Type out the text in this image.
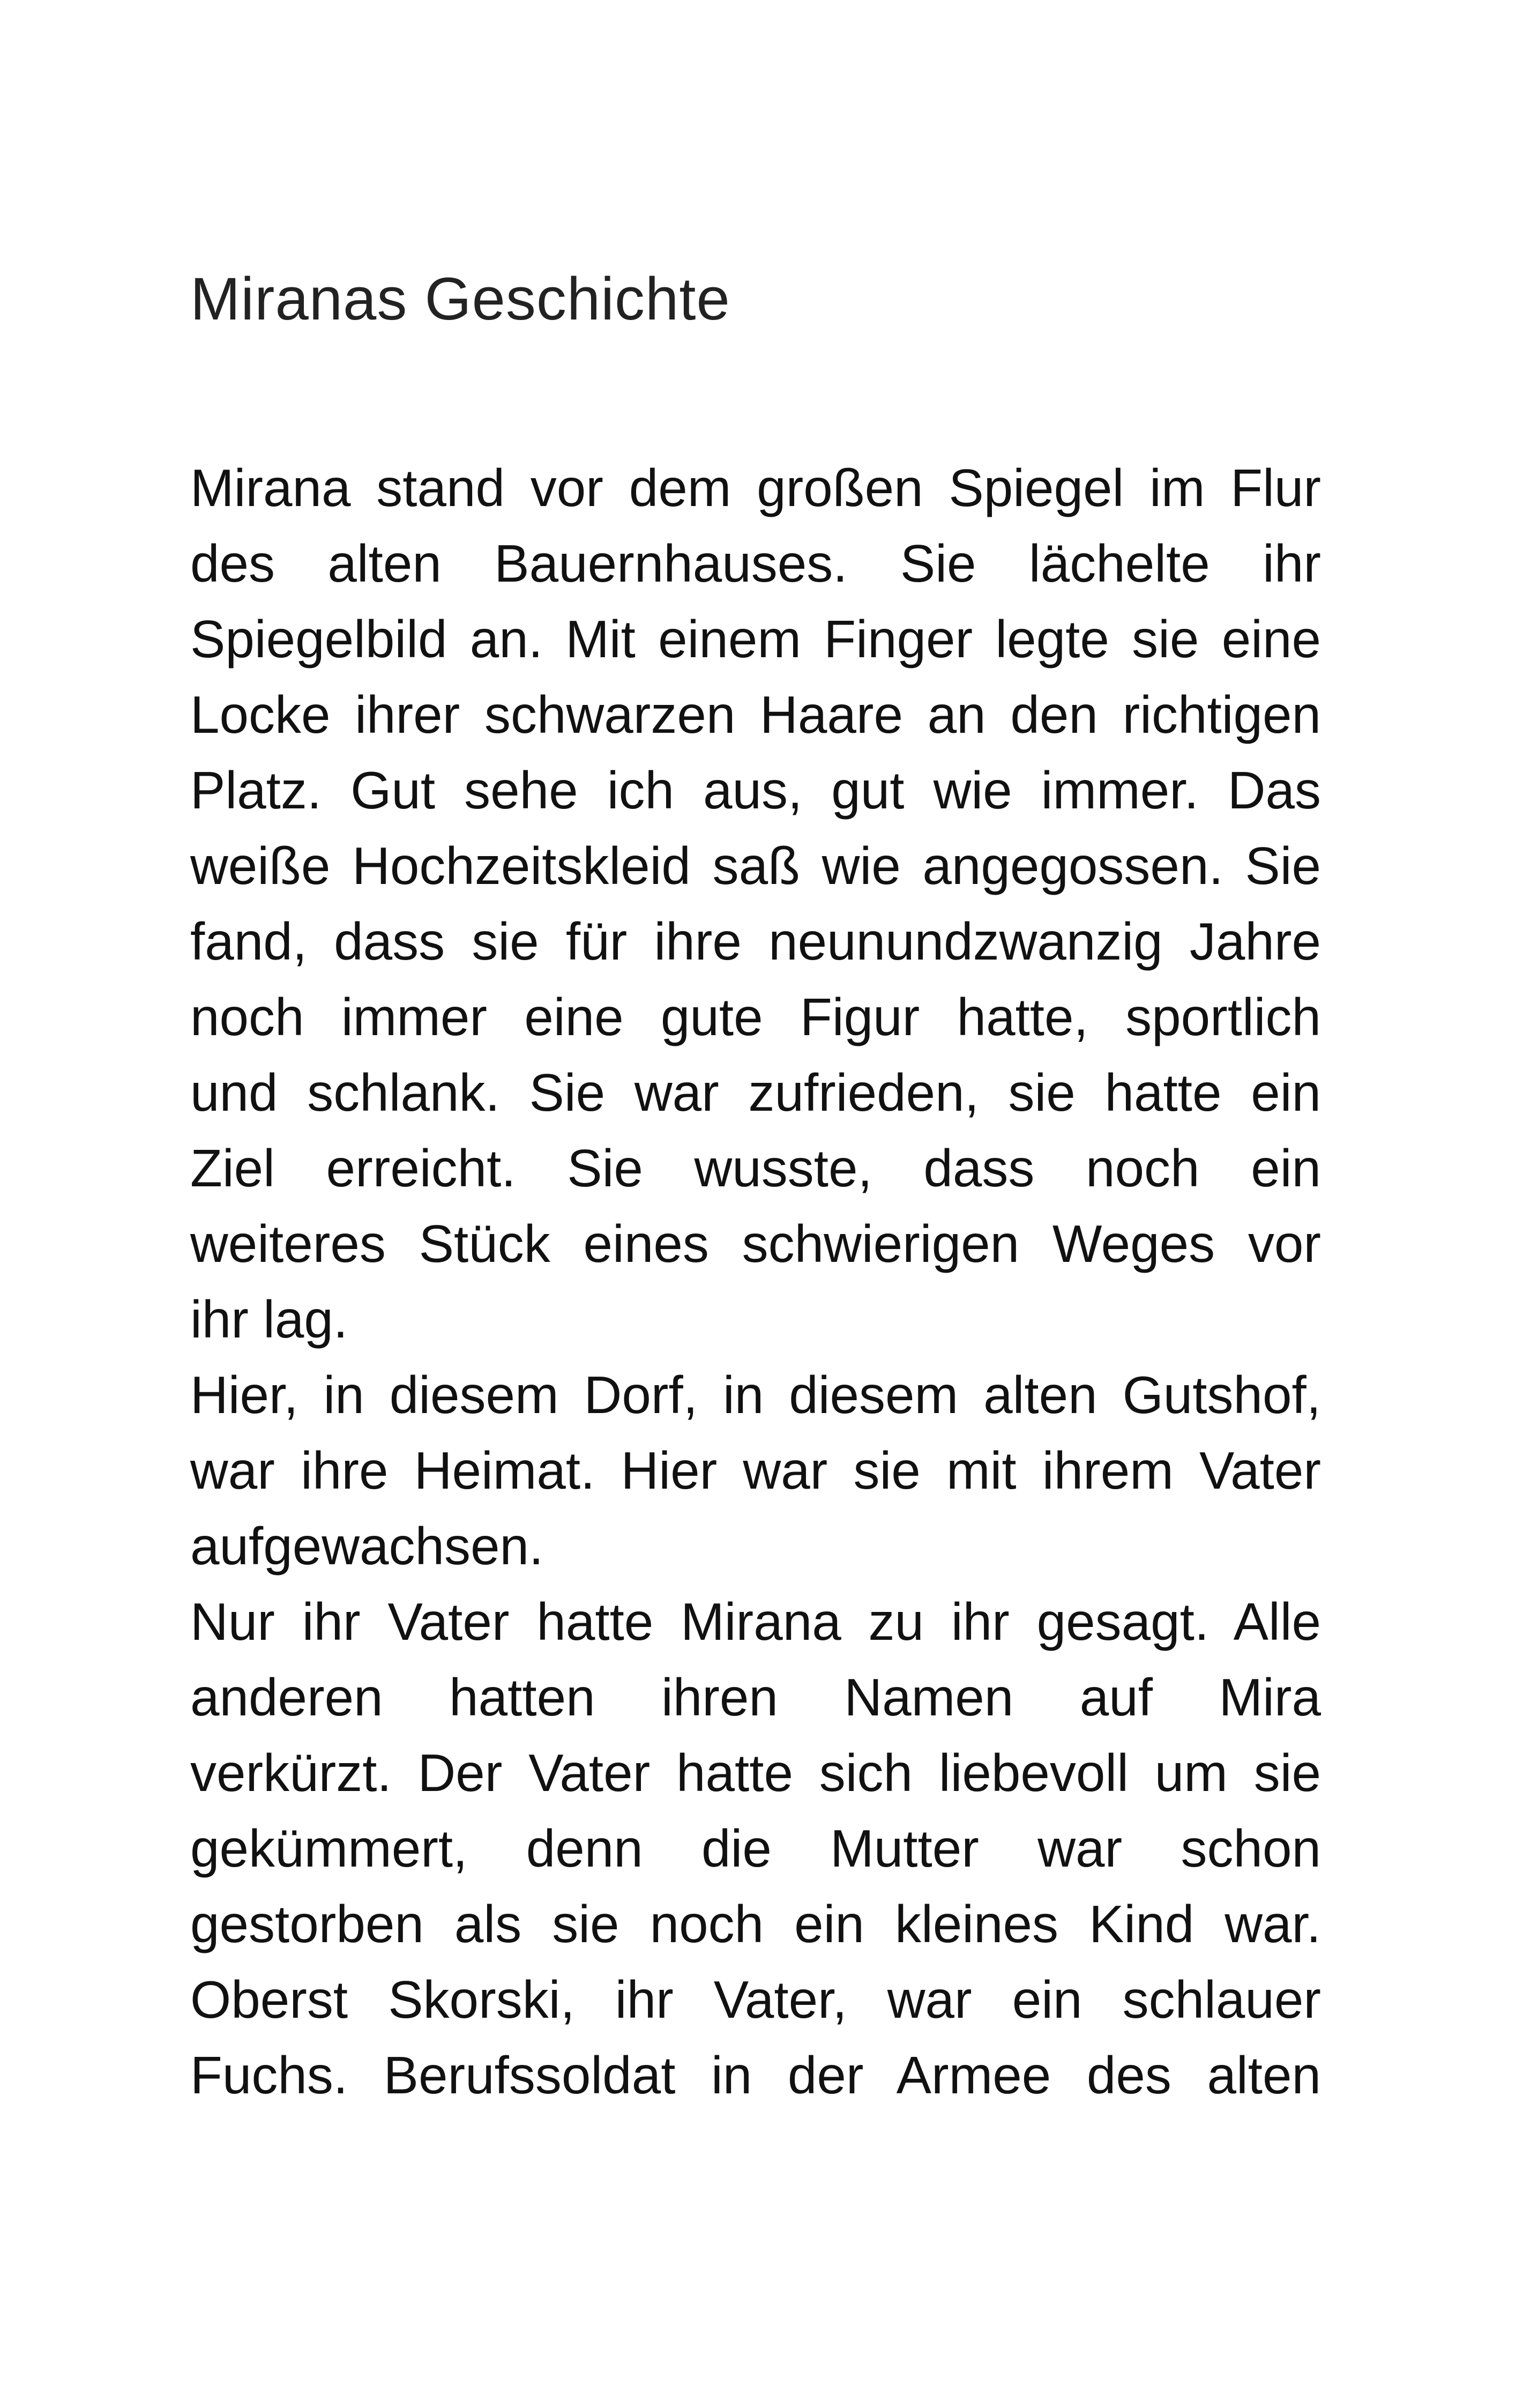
Miranas Geschichte

Mirana stand vor dem großen Spiegel im Flur
des alten Bauernhauses. Sie lächelte ihr
Spiegelbild an. Mit einem Finger legte sie eine
Locke ihrer schwarzen Haare an den richtigen
Platz. Gut sehe ich aus, gut wie immer. Das
weiße Hochzeitskleid saß wie angegossen. Sie
fand, dass sie für ihre neunundzwanzig Jahre
noch immer eine gute Figur hatte, sportlich
und schlank. Sie war zufrieden, sie hatte ein
Ziel erreicht. Sie wusste, dass noch ein
weiteres Stück eines schwierigen Weges vor
ihr lag.

Hier, in diesem Dorf, in diesem alten Gutshof,
war ihre Heimat. Hier war sie mit ihrem Vater
aufgewachsen.

Nur ihr Vater hatte Mirana zu ihr gesagt. Alle
anderen hatten ihren Namen auf Mira
verkürzt. Der Vater hatte sich liebevoll um sie
gekümmert, denn die Mutter war schon
gestorben als sie noch ein kleines Kind war.
Oberst Skorski, ihr Vater, war ein schlauer
Fuchs. Berufssoldat in der Armee des alten
